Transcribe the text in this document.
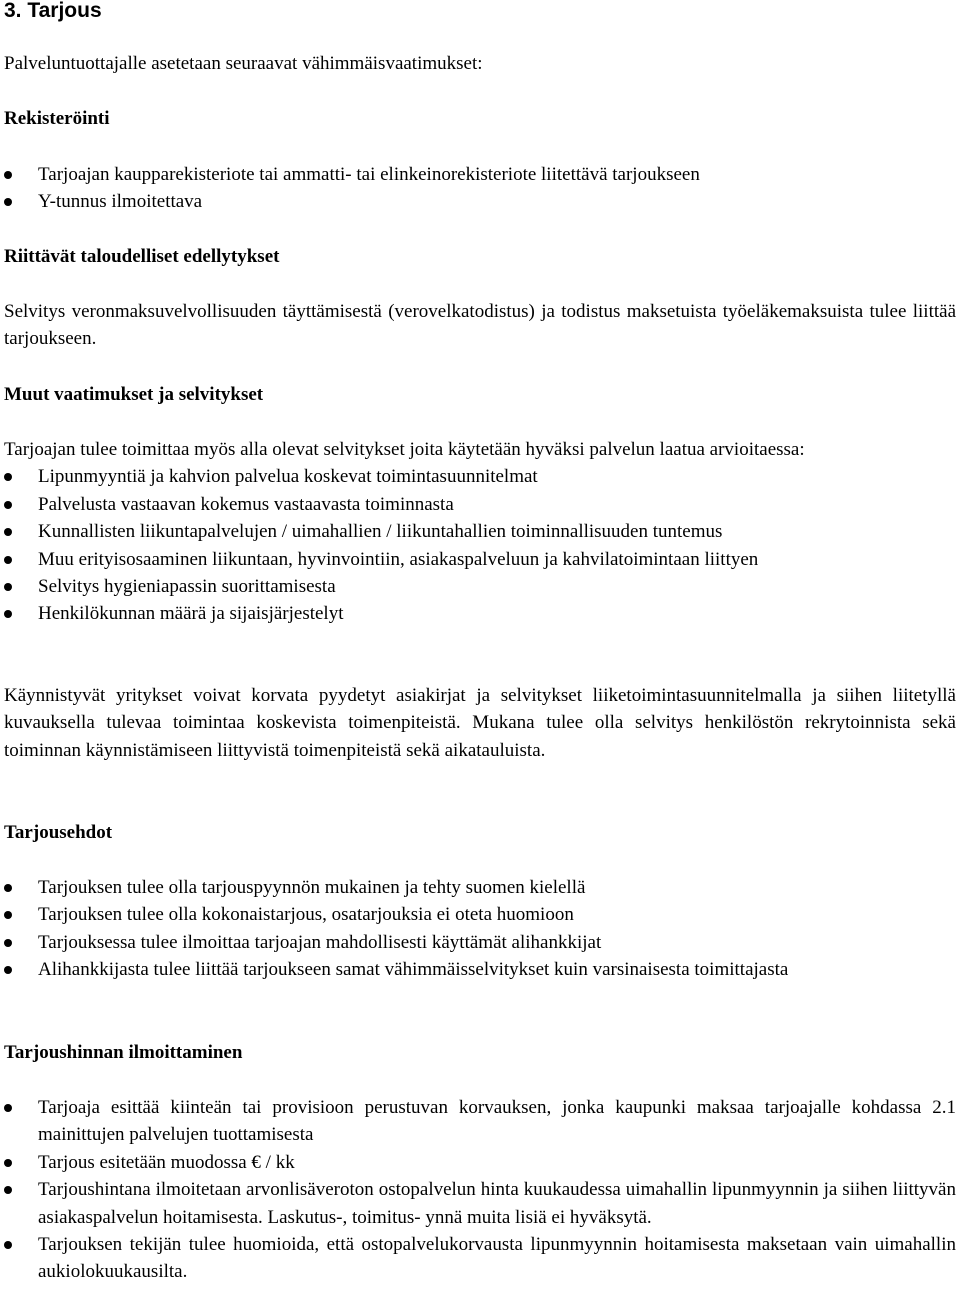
3. Tarjous

Palveluntuottajalle asetetaan seuraavat vähimmäisvaatimukset:

Rekisteröinti
Tarjoajan kaupparekisteriote tai ammatti- tai elinkeinorekisteriote liitettävä tarjoukseen
Y-tunnus ilmoitettava
Riittävät taloudelliset edellytykset

Selvitys veronmaksuvelvollisuuden täyttämisestä (verovelkatodistus) ja todistus maksetuista työeläkemaksuista tulee liittää tarjoukseen.

Muut vaatimukset ja selvitykset

Tarjoajan tulee toimittaa myös alla olevat selvitykset joita käytetään hyväksi palvelun laatua arvioitaessa:

Lipunmyyntiä ja kahvion palvelua koskevat toimintasuunnitelmat
Palvelusta vastaavan kokemus vastaavasta toiminnasta
Kunnallisten liikuntapalvelujen / uimahallien / liikuntahallien toiminnallisuuden tuntemus
Muu erityisosaaminen liikuntaan, hyvinvointiin, asiakaspalveluun ja kahvilatoimintaan liittyen
Selvitys hygieniapassin suorittamisesta
Henkilökunnan määrä ja sijaisjärjestelyt

Käynnistyvät yritykset voivat korvata pyydetyt asiakirjat ja selvitykset liiketoimintasuunnitelmalla ja siihen liitetyllä kuvauksella tulevaa toimintaa koskevista toimenpiteistä. Mukana tulee olla selvitys henkilöstön rekrytoinnista sekä toiminnan käynnistämiseen liittyvistä toimenpiteistä sekä aikatauluista.

Tarjousehdot
Tarjouksen tulee olla tarjouspyynnön mukainen ja tehty suomen kielellä
Tarjouksen tulee olla kokonaistarjous, osatarjouksia ei oteta huomioon
Tarjouksessa tulee ilmoittaa tarjoajan mahdollisesti käyttämät alihankkijat
Alihankkijasta tulee liittää tarjoukseen samat vähimmäisselvitykset kuin varsinaisesta toimittajasta
Tarjoushinnan ilmoittaminen
Tarjoaja esittää kiinteän tai provisioon perustuvan korvauksen, jonka kaupunki maksaa tarjoajalle kohdassa 2.1 mainittujen palvelujen tuottamisesta
Tarjous esitetään muodossa € / kk
Tarjoushintana ilmoitetaan arvonlisäveroton ostopalvelun hinta kuukaudessa uimahallin lipunmyynnin ja siihen liittyvän asiakaspalvelun hoitamisesta. Laskutus-, toimitus- ynnä muita lisiä ei hyväksytä.
Tarjouksen tekijän tulee huomioida, että ostopalvelukorvausta lipunmyynnin hoitamisesta maksetaan vain uimahallin aukiolokuukausilta.
